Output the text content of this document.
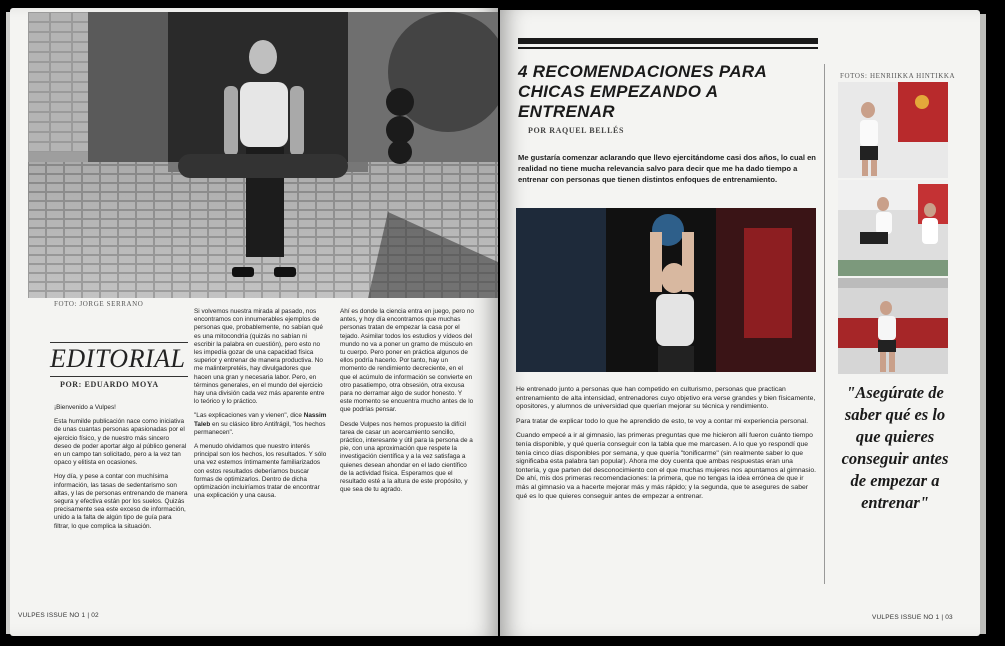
FOTO: JORGE SERRANO
EDITORIAL
POR: EDUARDO MOYA

¡Bienvenido a Vulpes!

Esta humilde publicación nace como iniciativa de unas cuantas personas apasionadas por el ejercicio físico, y de nuestro más sincero deseo de poder aportar algo al público general en un campo tan solicitado, pero a la vez tan opaco y elitista en ocasiones.

Hoy día, y pese a contar con muchísima información, las tasas de sedentarismo son altas, y las de personas entrenando de manera segura y efectiva están por los suelos. Quizás precisamente sea este exceso de información, unido a la falta de algún tipo de guía para filtrar, lo que complica la situación.

Si volvemos nuestra mirada al pasado, nos encontramos con innumerables ejemplos de personas que, probablemente, no sabían qué es una mitocondria (quizás no sabían ni escribir la palabra en cuestión), pero esto no les impedía gozar de una capacidad física superior y entrenar de manera productiva. No me malinterpretéis, hay divulgadores que hacen una gran y necesaria labor. Pero, en términos generales, en el mundo del ejercicio hay una división cada vez más aparente entre lo teórico y lo práctico.

"Las explicaciones van y vienen", dice Nassim Taleb en su clásico libro Antifrágil, "los hechos permanecen".

A menudo olvidamos que nuestro interés principal son los hechos, los resultados. Y sólo una vez estemos íntimamente familiarizados con estos resultados deberíamos buscar formas de optimizarlos. Dentro de dicha optimización incluiríamos tratar de encontrar una explicación y una causa.

Ahí es donde la ciencia entra en juego, pero no antes, y hoy día encontramos que muchas personas tratan de empezar la casa por el tejado. Asimilar todos los estudios y vídeos del mundo no va a poner un gramo de músculo en tu cuerpo. Pero poner en práctica algunos de ellos podría hacerlo. Por tanto, hay un momento de rendimiento decreciente, en el que el acúmulo de información se convierte en otro pasatiempo, otra obsesión, otra excusa para no derramar algo de sudor honesto. Y este momento se encuentra mucho antes de lo que podrías pensar.

Desde Vulpes nos hemos propuesto la difícil tarea de casar un acercamiento sencillo, práctico, interesante y útil para la persona de a pie, con una aproximación que respete la investigación científica y a la vez satisfaga a quienes desean ahondar en el lado científico de la actividad física. Esperamos que el resultado esté a la altura de este propósito, y que sea de tu agrado.

VULPES ISSUE NO 1 | 02
4 RECOMENDACIONES PARA CHICAS EMPEZANDO A ENTRENAR
POR RAQUEL BELLÉS
Me gustaría comenzar aclarando que llevo ejercitándome casi dos años, lo cual en realidad no tiene mucha relevancia salvo para decir que me ha dado tiempo a entrenar con personas que tienen distintos enfoques de entrenamiento.

He entrenado junto a personas que han competido en culturismo, personas que practican entrenamiento de alta intensidad, entrenadores cuyo objetivo era verse grandes y bien físicamente, opositores, y alumnos de universidad que querían mejorar su técnica y rendimiento.

Para tratar de explicar todo lo que he aprendido de esto, te voy a contar mi experiencia personal.

Cuando empecé a ir al gimnasio, las primeras preguntas que me hicieron allí fueron cuánto tiempo tenía disponible, y qué quería conseguir con la tabla que me marcasen. A lo que yo respondí que tenía cinco días disponibles por semana, y que quería "tonificarme" (sin realmente saber lo que significaba esta palabra tan popular). Ahora me doy cuenta que ambas respuestas eran una tontería, y que parten del desconocimiento con el que muchas mujeres nos apuntamos al gimnasio. De ahí, mis dos primeras recomendaciones: la primera, que no tengas la idea errónea de que ir más al gimnasio va a hacerte mejorar más y más rápido; y la segunda, que te asegures de saber qué es lo que quieres conseguir antes de empezar a entrenar.

FOTOS: HENRIIKKA HINTIKKA
"Asegúrate de saber qué es lo que quieres conseguir antes de empezar a entrenar"
VULPES ISSUE NO 1 | 03
